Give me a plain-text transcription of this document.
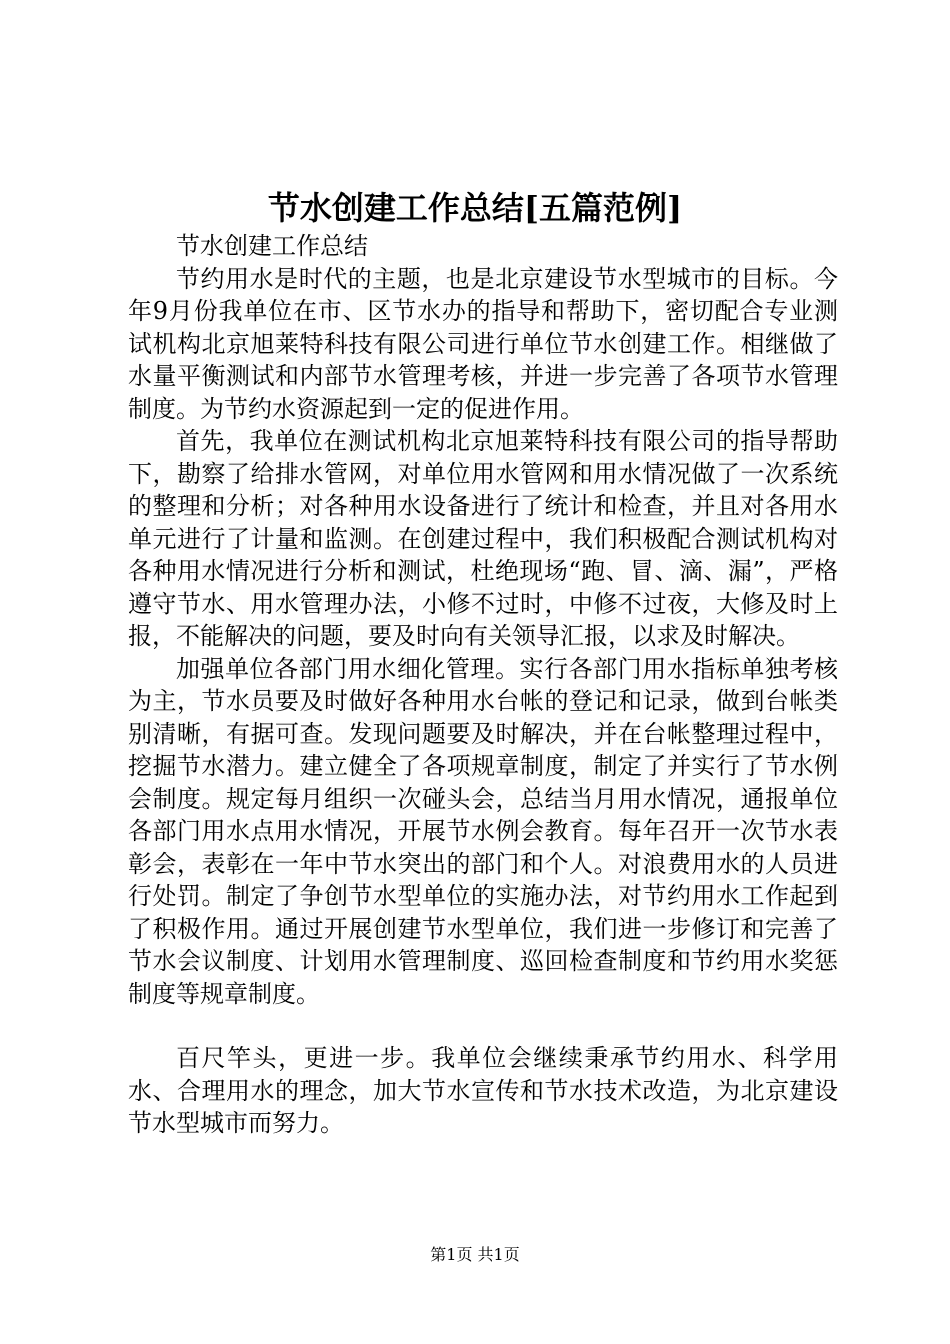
节水创建工作总结[五篇范例]

节水创建工作总结

节约用水是时代的主题，也是北京建设节水型城市的目标。今年9月份我单位在市、区节水办的指导和帮助下，密切配合专业测试机构北京旭莱特科技有限公司进行单位节水创建工作。相继做了水量平衡测试和内部节水管理考核，并进一步完善了各项节水管理制度。为节约水资源起到一定的促进作用。

首先，我单位在测试机构北京旭莱特科技有限公司的指导帮助下，勘察了给排水管网，对单位用水管网和用水情况做了一次系统的整理和分析；对各种用水设备进行了统计和检查，并且对各用水单元进行了计量和监测。在创建过程中，我们积极配合测试机构对各种用水情况进行分析和测试，杜绝现场“跑、冒、滴、漏”，严格遵守节水、用水管理办法，小修不过时，中修不过夜，大修及时上报，不能解决的问题，要及时向有关领导汇报，以求及时解决。

加强单位各部门用水细化管理。实行各部门用水指标单独考核为主，节水员要及时做好各种用水台帐的登记和记录，做到台帐类别清晰，有据可查。发现问题要及时解决，并在台帐整理过程中，挖掘节水潜力。建立健全了各项规章制度，制定了并实行了节水例会制度。规定每月组织一次碰头会，总结当月用水情况，通报单位各部门用水点用水情况，开展节水例会教育。每年召开一次节水表彰会，表彰在一年中节水突出的部门和个人。对浪费用水的人员进行处罚。制定了争创节水型单位的实施办法，对节约用水工作起到了积极作用。通过开展创建节水型单位，我们进一步修订和完善了节水会议制度、计划用水管理制度、巡回检查制度和节约用水奖惩制度等规章制度。

百尺竿头，更进一步。我单位会继续秉承节约用水、科学用水、合理用水的理念，加大节水宣传和节水技术改造，为北京建设节水型城市而努力。

第1页 共1页
